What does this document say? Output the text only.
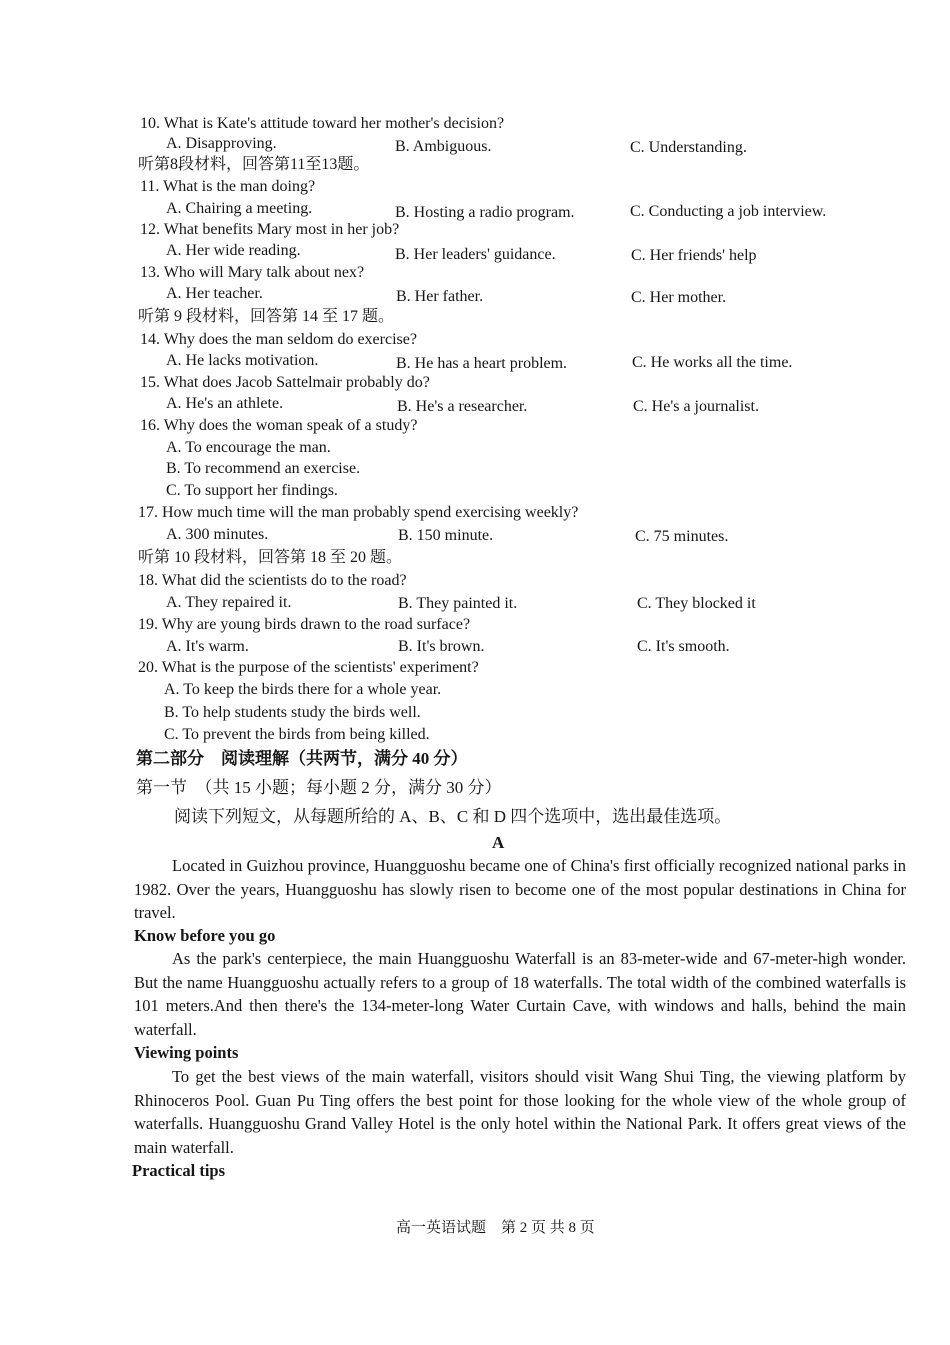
10. What is Kate's attitude toward her mother's decision?
A. Disapproving.	B. Ambiguous.	C. Understanding.
听第8段材料，回答第11至13题。
11. What is the man doing?
A. Chairing a meeting.	B. Hosting a radio program.	C. Conducting a job interview.
12. What benefits Mary most in her job?
A. Her wide reading.	B. Her leaders' guidance.	C. Her friends' help
13. Who will Mary talk about nex?
A. Her teacher.	B. Her father.	C. Her mother.
听第 9 段材料，回答第 14 至 17 题。
14. Why does the man seldom do exercise?
A. He lacks motivation.	B. He has a heart problem.	C. He works all the time.
15. What does Jacob Sattelmair probably do?
A. He's an athlete.	B. He's a researcher.	C. He's a journalist.
16. Why does the woman speak of a study?
A. To encourage the man.
B. To recommend an exercise.
C. To support her findings.
17. How much time will the man probably spend exercising weekly?
A. 300 minutes.	B. 150 minute.	C. 75 minutes.
听第 10 段材料，回答第 18 至 20 题。
18. What did the scientists do to the road?
A. They repaired it.	B. They painted it.	C. They blocked it
19. Why are young birds drawn to the road surface?
A. It's warm.	B. It's brown.	C. It's smooth.
20. What is the purpose of the scientists' experiment?
A. To keep the birds there for a whole year.
B. To help students study the birds well.
C. To prevent the birds from being killed.
第二部分　阅读理解（共两节，满分 40 分）
第一节　（共 15 小题；每小题 2 分，满分 30 分）
阅读下列短文，从每题所给的 A、B、C 和 D 四个选项中，选出最佳选项。
A
Located in Guizhou province, Huangguoshu became one of China's first officially recognized national parks in 1982. Over the years, Huangguoshu has slowly risen to become one of the most popular destinations in China for travel.
Know before you go
As the park's centerpiece, the main Huangguoshu Waterfall is an 83-meter-wide and 67-meter-high wonder. But the name Huangguoshu actually refers to a group of 18 waterfalls. The total width of the combined waterfalls is 101 meters.And then there's the 134-meter-long Water Curtain Cave, with windows and halls, behind the main waterfall.
Viewing points
To get the best views of the main waterfall, visitors should visit Wang Shui Ting, the viewing platform by Rhinoceros Pool. Guan Pu Ting offers the best point for those looking for the whole view of the whole group of waterfalls. Huangguoshu Grand Valley Hotel is the only hotel within the National Park. It offers great views of the main waterfall.
Practical tips
高一英语试题　第 2 页 共 8 页
